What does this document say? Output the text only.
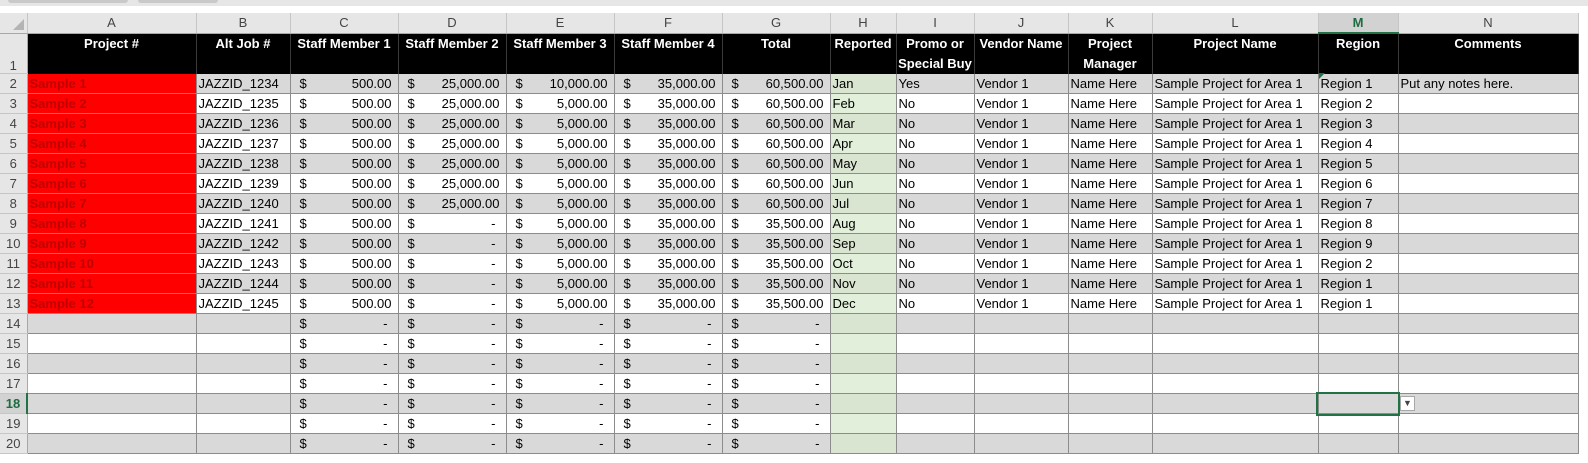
	A	B	C	D	E	F	G	H	I	J	K	L	M	N
1	Project #	Alt Job #	Staff Member 1	Staff Member 2	Staff Member 3	Staff Member 4	Total	Reported	Promo or Special Buy	Vendor Name	Project Manager	Project Name	Region	Comments
2	Sample 1	JAZZID_1234	$ 500.00	$ 25,000.00	$ 10,000.00	$ 35,000.00	$ 60,500.00	Jan	Yes	Vendor 1	Name Here	Sample Project for Area 1	Region 1	Put any notes here.
3	Sample 2	JAZZID_1235	$ 500.00	$ 25,000.00	$ 5,000.00	$ 35,000.00	$ 60,500.00	Feb	No	Vendor 1	Name Here	Sample Project for Area 1	Region 2	
4	Sample 3	JAZZID_1236	$ 500.00	$ 25,000.00	$ 5,000.00	$ 35,000.00	$ 60,500.00	Mar	No	Vendor 1	Name Here	Sample Project for Area 1	Region 3	
5	Sample 4	JAZZID_1237	$ 500.00	$ 25,000.00	$ 5,000.00	$ 35,000.00	$ 60,500.00	Apr	No	Vendor 1	Name Here	Sample Project for Area 1	Region 4	
6	Sample 5	JAZZID_1238	$ 500.00	$ 25,000.00	$ 5,000.00	$ 35,000.00	$ 60,500.00	May	No	Vendor 1	Name Here	Sample Project for Area 1	Region 5	
7	Sample 6	JAZZID_1239	$ 500.00	$ 25,000.00	$ 5,000.00	$ 35,000.00	$ 60,500.00	Jun	No	Vendor 1	Name Here	Sample Project for Area 1	Region 6	
8	Sample 7	JAZZID_1240	$ 500.00	$ 25,000.00	$ 5,000.00	$ 35,000.00	$ 60,500.00	Jul	No	Vendor 1	Name Here	Sample Project for Area 1	Region 7	
9	Sample 8	JAZZID_1241	$ 500.00	$ -	$ 5,000.00	$ 35,000.00	$ 35,500.00	Aug	No	Vendor 1	Name Here	Sample Project for Area 1	Region 8	
10	Sample 9	JAZZID_1242	$ 500.00	$ -	$ 5,000.00	$ 35,000.00	$ 35,500.00	Sep	No	Vendor 1	Name Here	Sample Project for Area 1	Region 9	
11	Sample 10	JAZZID_1243	$ 500.00	$ -	$ 5,000.00	$ 35,000.00	$ 35,500.00	Oct	No	Vendor 1	Name Here	Sample Project for Area 1	Region 2	
12	Sample 11	JAZZID_1244	$ 500.00	$ -	$ 5,000.00	$ 35,000.00	$ 35,500.00	Nov	No	Vendor 1	Name Here	Sample Project for Area 1	Region 1	
13	Sample 12	JAZZID_1245	$ 500.00	$ -	$ 5,000.00	$ 35,000.00	$ 35,500.00	Dec	No	Vendor 1	Name Here	Sample Project for Area 1	Region 1	
14			$ -	$ -	$ -	$ -	$ -							

15			$ -	$ -	$ -	$ -	$ -							

16			$ -	$ -	$ -	$ -	$ -							

17			$ -	$ -	$ -	$ -	$ -							

18			$ -	$ -	$ -	$ -	$ -							

19			$ -	$ -	$ -	$ -	$ -							

20			$ -	$ -	$ -	$ -	$ -							

▼
